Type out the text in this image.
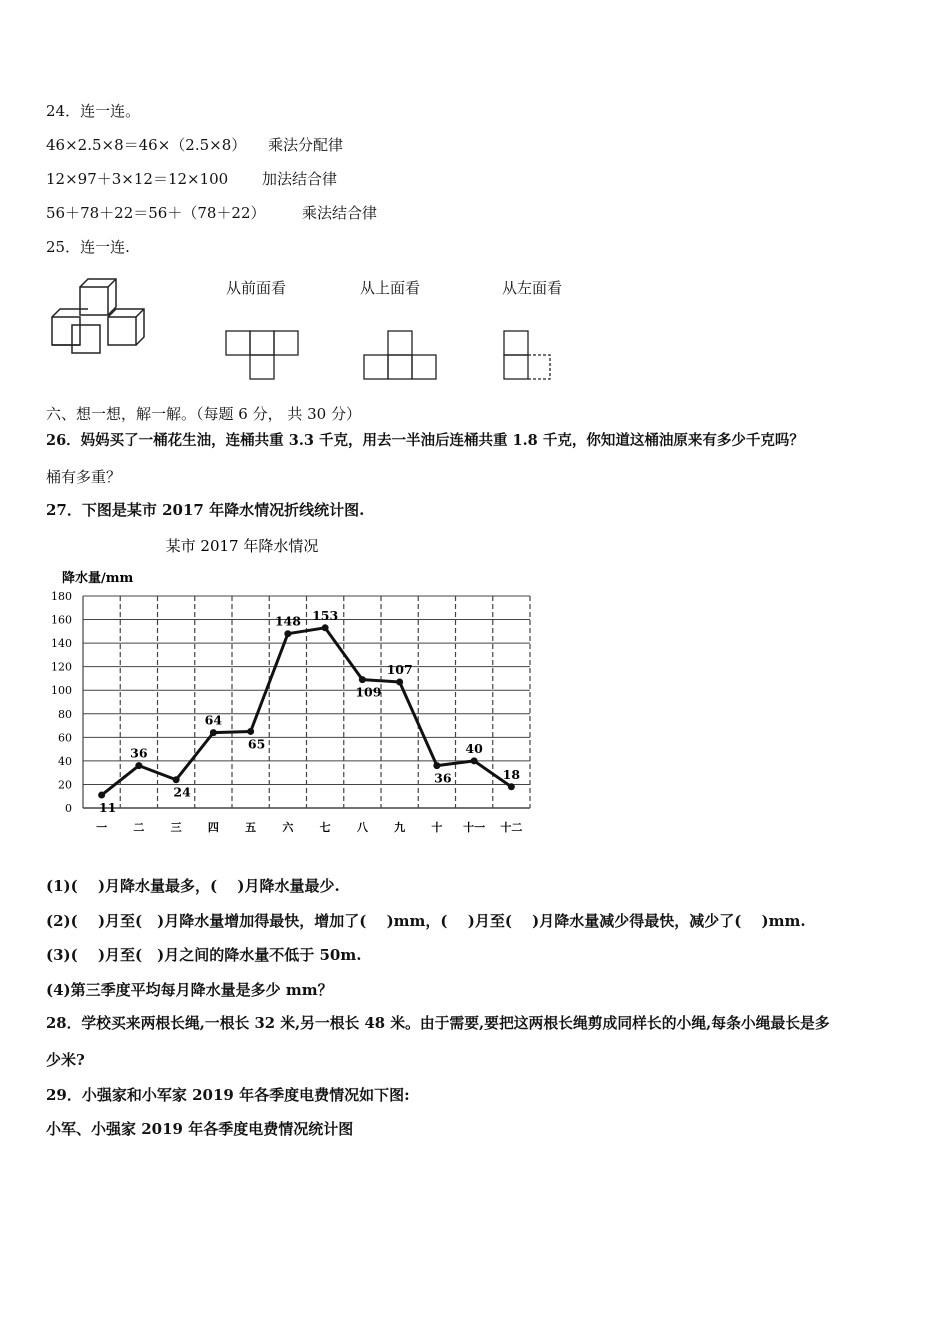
24．连一连。
46×2.5×8＝46×（2.5×8） 乘法分配律
12×97＋3×12＝12×100 加法结合律
56＋78＋22＝56＋（78＋22） 乘法结合律
25．连一连.
从前面看	从上面看	从左面看
六、想一想，解一解。（每题 6 分， 共 30 分）
26．妈妈买了一桶花生油，连桶共重 3.3 千克，用去一半油后连桶共重 1.8 千克，你知道这桶油原来有多少千克吗？
桶有多重？
27．下图是某市 2017 年降水情况折线统计图.
某市 2017 年降水情况
降水量/mm
0
20
40
60
80
100
120
140
160
180
一 二 三 四 五 六 七 八 九 十 十一 十二
11
36
24
64
65
148 153
109
107
36
40
18
(1)(　 )月降水量最多，(　 )月降水量最少.
(2)(　 )月至(　)月降水量增加得最快，增加了(　 )mm，(　 )月至(　 )月降水量减少得最快，减少了(　 )mm.
(3)(　 )月至(　)月之间的降水量不低于 50m.
(4)第三季度平均每月降水量是多少 mm？
28．学校买来两根长绳,一根长 32 米,另一根长 48 米。由于需要,要把这两根长绳剪成同样长的小绳,每条小绳最长是多
少米?
29．小强家和小军家 2019 年各季度电费情况如下图:
小军、小强家 2019 年各季度电费情况统计图
